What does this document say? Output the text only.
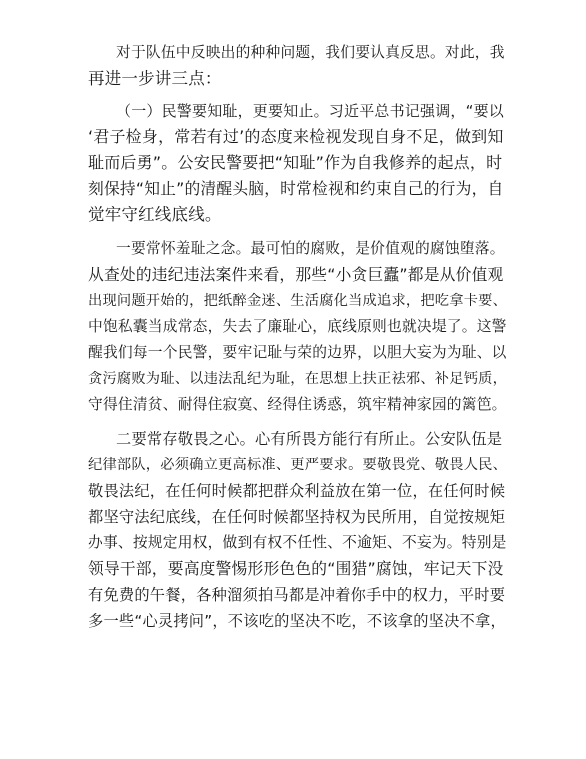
对于队伍中反映出的种种问题，我们要认真反思。对此，我
再进一步讲三点：
（一）民警要知耻，更要知止。习近平总书记强调，“要以
‘君子检身，常若有过’的态度来检视发现自身不足，做到知
耻而后勇”。公安民警要把“知耻”作为自我修养的起点，时
刻保持“知止”的清醒头脑，时常检视和约束自己的行为，自
觉牢守红线底线。
一要常怀羞耻之念。最可怕的腐败，是价值观的腐蚀堕落。
从查处的违纪违法案件来看，那些“小贪巨蠹”都是从价值观
出现问题开始的，把纸醉金迷、生活腐化当成追求，把吃拿卡要、
中饱私囊当成常态，失去了廉耻心，底线原则也就决堤了。这警
醒我们每一个民警，要牢记耻与荣的边界，以胆大妄为为耻、以
贪污腐败为耻、以违法乱纪为耻，在思想上扶正祛邪、补足钙质，
守得住清贫、耐得住寂寞、经得住诱惑，筑牢精神家园的篱笆。
二要常存敬畏之心。心有所畏方能行有所止。公安队伍是
纪律部队，必须确立更高标准、更严要求。要敬畏党、敬畏人民、
敬畏法纪，在任何时候都把群众利益放在第一位，在任何时候
都坚守法纪底线，在任何时候都坚持权为民所用，自觉按规矩
办事、按规定用权，做到有权不任性、不逾矩、不妄为。特别是
领导干部，要高度警惕形形色色的“围猎”腐蚀，牢记天下没
有免费的午餐，各种溜须拍马都是冲着你手中的权力，平时要
多一些“心灵拷问”，不该吃的坚决不吃，不该拿的坚决不拿，
